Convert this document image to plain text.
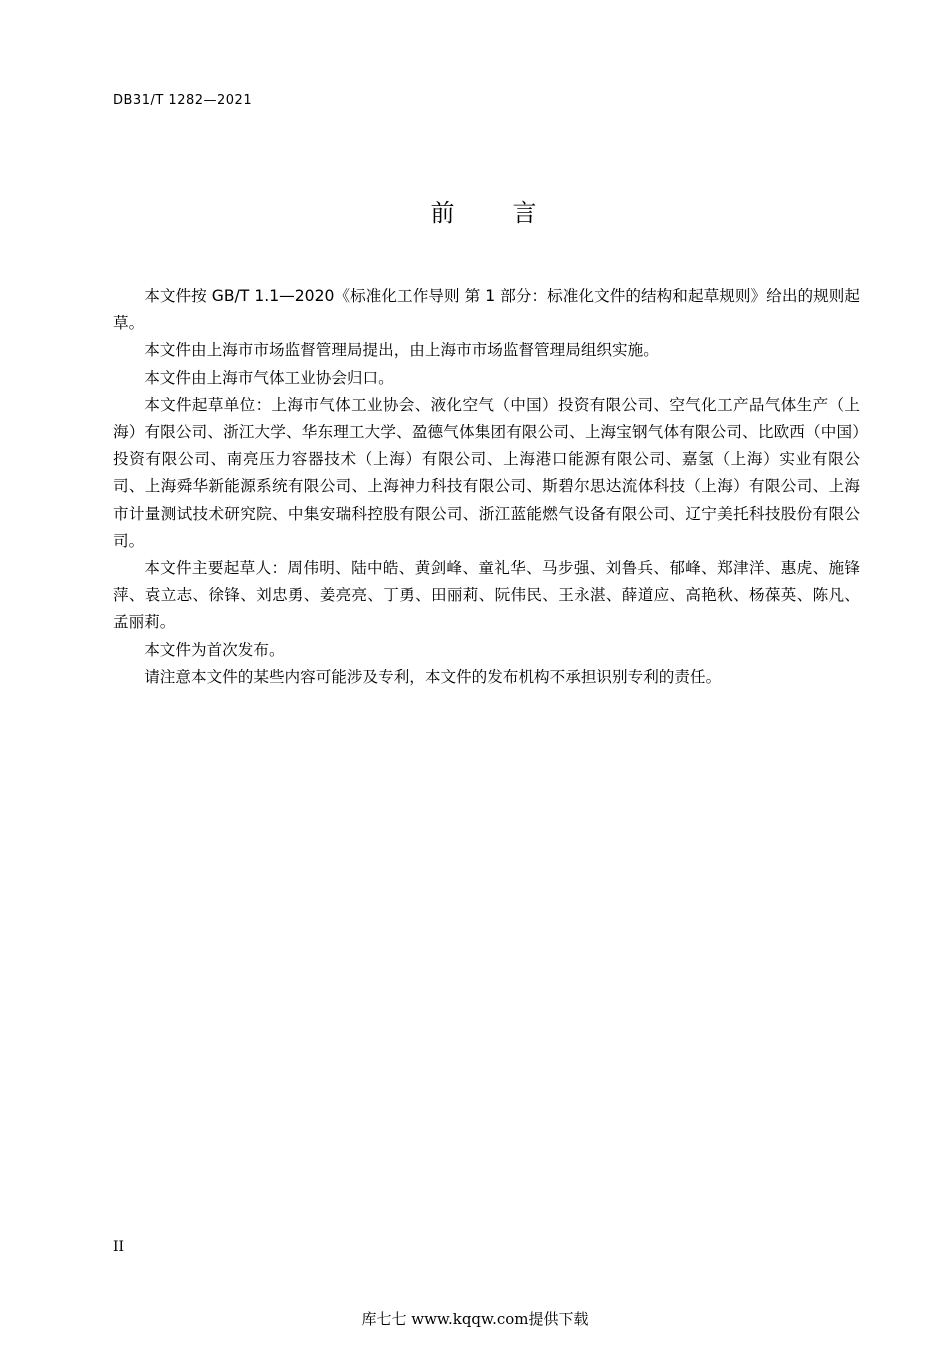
DB31/T 1282—2021
前言

本文件按 GB/T 1.1—2020《标准化工作导则 第 1 部分：标准化文件的结构和起草规则》给出的规则起草。

本文件由上海市市场监督管理局提出，由上海市市场监督管理局组织实施。

本文件由上海市气体工业协会归口。

本文件起草单位：上海市气体工业协会、液化空气（中国）投资有限公司、空气化工产品气体生产（上海）有限公司、浙江大学、华东理工大学、盈德气体集团有限公司、上海宝钢气体有限公司、比欧西（中国）投资有限公司、南亮压力容器技术（上海）有限公司、上海港口能源有限公司、嘉氢（上海）实业有限公司、上海舜华新能源系统有限公司、上海神力科技有限公司、斯碧尔思达流体科技（上海）有限公司、上海市计量测试技术研究院、中集安瑞科控股有限公司、浙江蓝能燃气设备有限公司、辽宁美托科技股份有限公司。

本文件主要起草人：周伟明、陆中皓、黄剑峰、童礼华、马步强、刘鲁兵、郁峰、郑津洋、惠虎、施锋萍、袁立志、徐锋、刘忠勇、姜亮亮、丁勇、田丽莉、阮伟民、王永湛、薛道应、高艳秋、杨葆英、陈凡、孟丽莉。

本文件为首次发布。

请注意本文件的某些内容可能涉及专利，本文件的发布机构不承担识别专利的责任。

II
库七七 www.kqqw.com提供下载
